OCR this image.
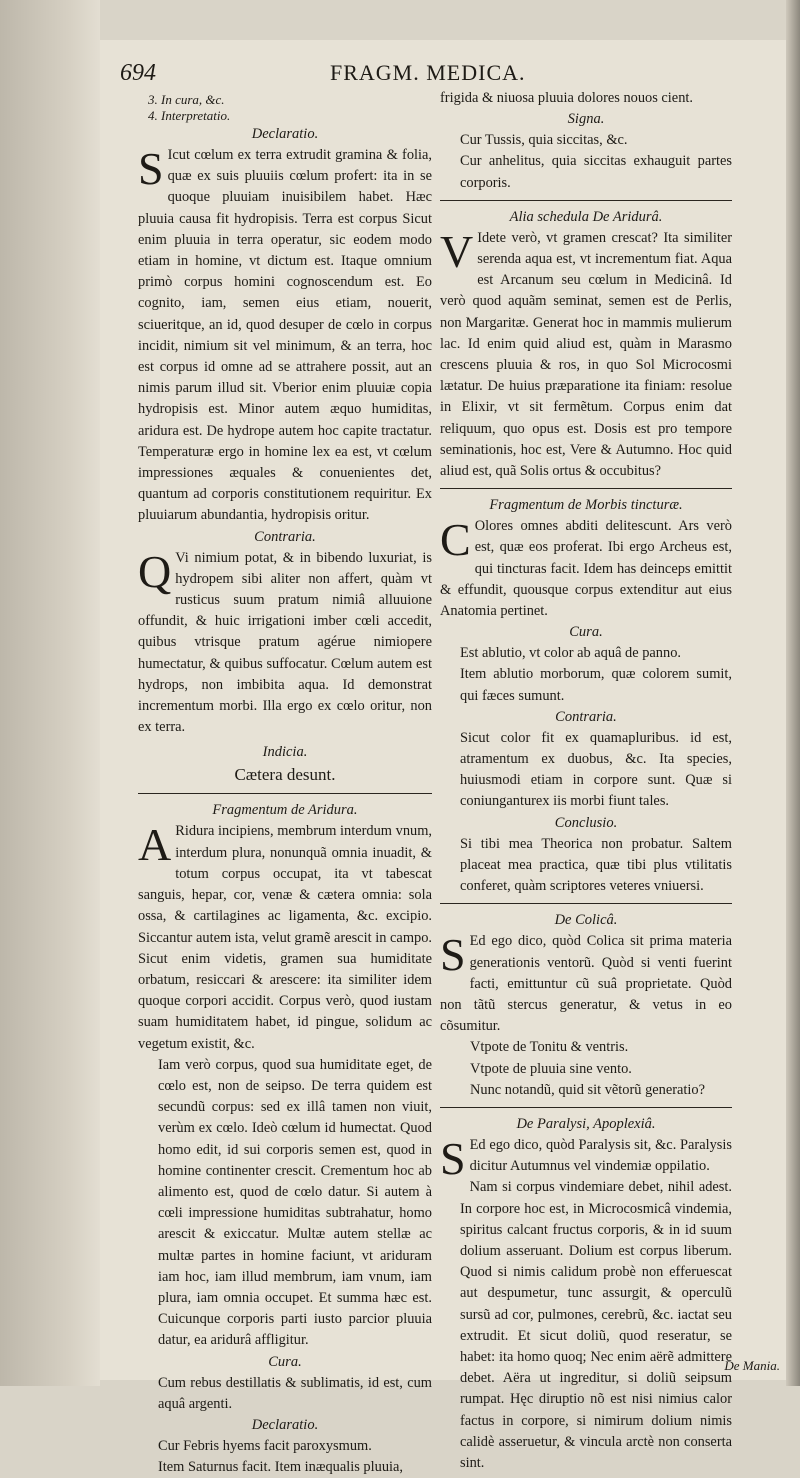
694	FRAGM. MEDICA.
3. In cura, &c.
4. Interpretatio.
Declaratio.

S Icut cœlum ex terra extrudit gramina & folia, quæ ex suis pluuiis cœlum profert: ita in se quoque pluuiam inuisibilem habet. Hæc pluuia causa fit hydropisis. Terra est corpus Sicut enim pluuia in terra operatur, sic eodem modo etiam in homine, vt dictum est. Itaque omnium primò corpus homini cognoscendum est. Eo cognito, iam, semen eius etiam, nouerit, sciueritque, an id, quod desuper de cœlo in corpus incidit, nimium sit vel minimum, & an terra, hoc est corpus id omne ad se attrahere possit, aut an nimis parum illud sit. Vberior enim pluuiæ copia hydropisis est. Minor autem æquo humiditas, aridura est. De hydrope autem hoc capite tractatur. Temperaturæ ergo in homine lex ea est, vt cœlum impressiones æquales & conuenientes det, quantum ad corporis constitutionem requiritur. Ex pluuiarum abundantia, hydropisis oritur.

Contraria.

Q Vi nimium potat, & in bibendo luxuriat, is hydropem sibi aliter non affert, quàm vt rusticus suum pratum nimiâ alluuione offundit, & huic irrigationi imber cœli accedit, quibus vtrisque pratum agérue nimiopere humectatur, & quibus suffocatur. Cœlum autem est hydrops, non imbibita aqua. Id demonstrat incrementum morbi. Illa ergo ex cœlo oritur, non ex terra.

Indicia.
Cætera desunt.
Fragmentum de Aridura.

A Ridura incipiens, membrum interdum vnum, interdum plura, nonunquã omnia inuadit, & totum corpus occupat, ita vt tabescat sanguis, hepar, cor, venæ & cætera omnia: sola ossa, & cartilagines ac ligamenta, &c. excipio. Siccantur autem ista, velut gramẽ arescit in campo. Sicut enim videtis, gramen sua humiditate orbatum, resiccari & arescere: ita similiter idem quoque corpori accidit. Corpus verò, quod iustam suam humiditatem habet, id pingue, solidum ac vegetum existit, &c.

Iam verò corpus, quod sua humiditate eget, de cœlo est, non de seipso. De terra quidem est secundũ corpus: sed ex illâ tamen non viuit, verùm ex cœlo. Ideò cœlum id humectat. Quod homo edit, id sui corporis semen est, quod in homine continenter crescit. Crementum hoc ab alimento est, quod de cœlo datur. Si autem à cœli impressione humiditas subtrahatur, homo arescit & exiccatur. Multæ autem stellæ ac multæ partes in homine faciunt, vt ariduram iam hoc, iam illud membrum, iam vnum, iam plura, iam omnia occupet. Et summa hæc est. Cuicunque corporis parti iusto parcior pluuia datur, ea aridurâ affligitur.

Cura.

Cum rebus destillatis & sublimatis, id est, cum aquâ argenti.

Declaratio.

Cur Febris hyems facit paroxysmum.

Item Saturnus facit. Item inæqualis pluuia,

frigida & niuosa pluuia dolores nouos cient.

Signa.

Cur Tussis, quia siccitas, &c.

Cur anhelitus, quia siccitas exhauguit partes corporis.

Alia schedula De Aridurâ.

V Idete verò, vt gramen crescat? Ita similiter serenda aqua est, vt incrementum fiat. Aqua est Arcanum seu cœlum in Medicinâ. Id verò quod aquãm seminat, semen est de Perlis, non Margaritæ. Generat hoc in mammis mulierum lac. Id enim quid aliud est, quàm in Marasmo crescens pluuia & ros, in quo Sol Microcosmi lætatur. De huius præparatione ita finiam: resolue in Elixir, vt sit fermẽtum. Corpus enim dat reliquum, quo opus est. Dosis est pro tempore seminationis, hoc est, Vere & Autumno. Hoc quid aliud est, quã Solis ortus & occubitus?

Fragmentum de Morbis tincturæ.

C Olores omnes abditi delitescunt. Ars verò est, quæ eos proferat. Ibi ergo Archeus est, qui tincturas facit. Idem has deinceps emittit & effundit, quousque corpus extenditur aut eius Anatomia pertinet.

Cura.

Est ablutio, vt color ab aquâ de panno.

Item ablutio morborum, quæ colorem sumit, qui fæces sumunt.

Contraria.

Sicut color fit ex quamapluribus. id est, atramentum ex duobus, &c. Ita species, huiusmodi etiam in corpore sunt. Quæ si coniunganturex iis morbi fiunt tales.

Conclusio.

Si tibi mea Theorica non probatur. Saltem placeat mea practica, quæ tibi plus vtilitatis conferet, quàm scriptores veteres vniuersi.

De Colicâ.

S Ed ego dico, quòd Colica sit prima materia generationis ventorũ. Quòd si venti fuerint facti, emittuntur cũ suâ proprietate. Quòd non tãtũ stercus generatur, & vetus in eo cõsumitur.

Vtpote de Tonitu & ventris.

Vtpote de pluuia sine vento.

Nunc notandũ, quid sit vẽtorũ generatio?

De Paralysi, Apoplexiâ.

S Ed ego dico, quòd Paralysis sit, &c. Paralysis dicitur Autumnus vel vindemiæ oppilatio.

Nam si corpus vindemiare debet, nihil adest. In corpore hoc est, in Microcosmicâ vindemia, spiritus calcant fructus corporis, & in id suum dolium asseruant. Dolium est corpus liberum. Quod si nimis calidum probè non efferuescat aut despumetur, tunc assurgit, & operculũ sursũ ad cor, pulmones, cerebrũ, &c. iactat seu extrudit. Et sicut doliũ, quod reseratur, se habet: ita homo quoq; Nec enim aërẽ admittere debet. Aëra ut ingreditur, si doliũ seipsum rumpat. Hęc diruptio nõ est nisi nimius calor factus in corpore, si nimirum dolium nimis calidè asseruetur, & vincula arctè non conserta sint.

De Mania.
